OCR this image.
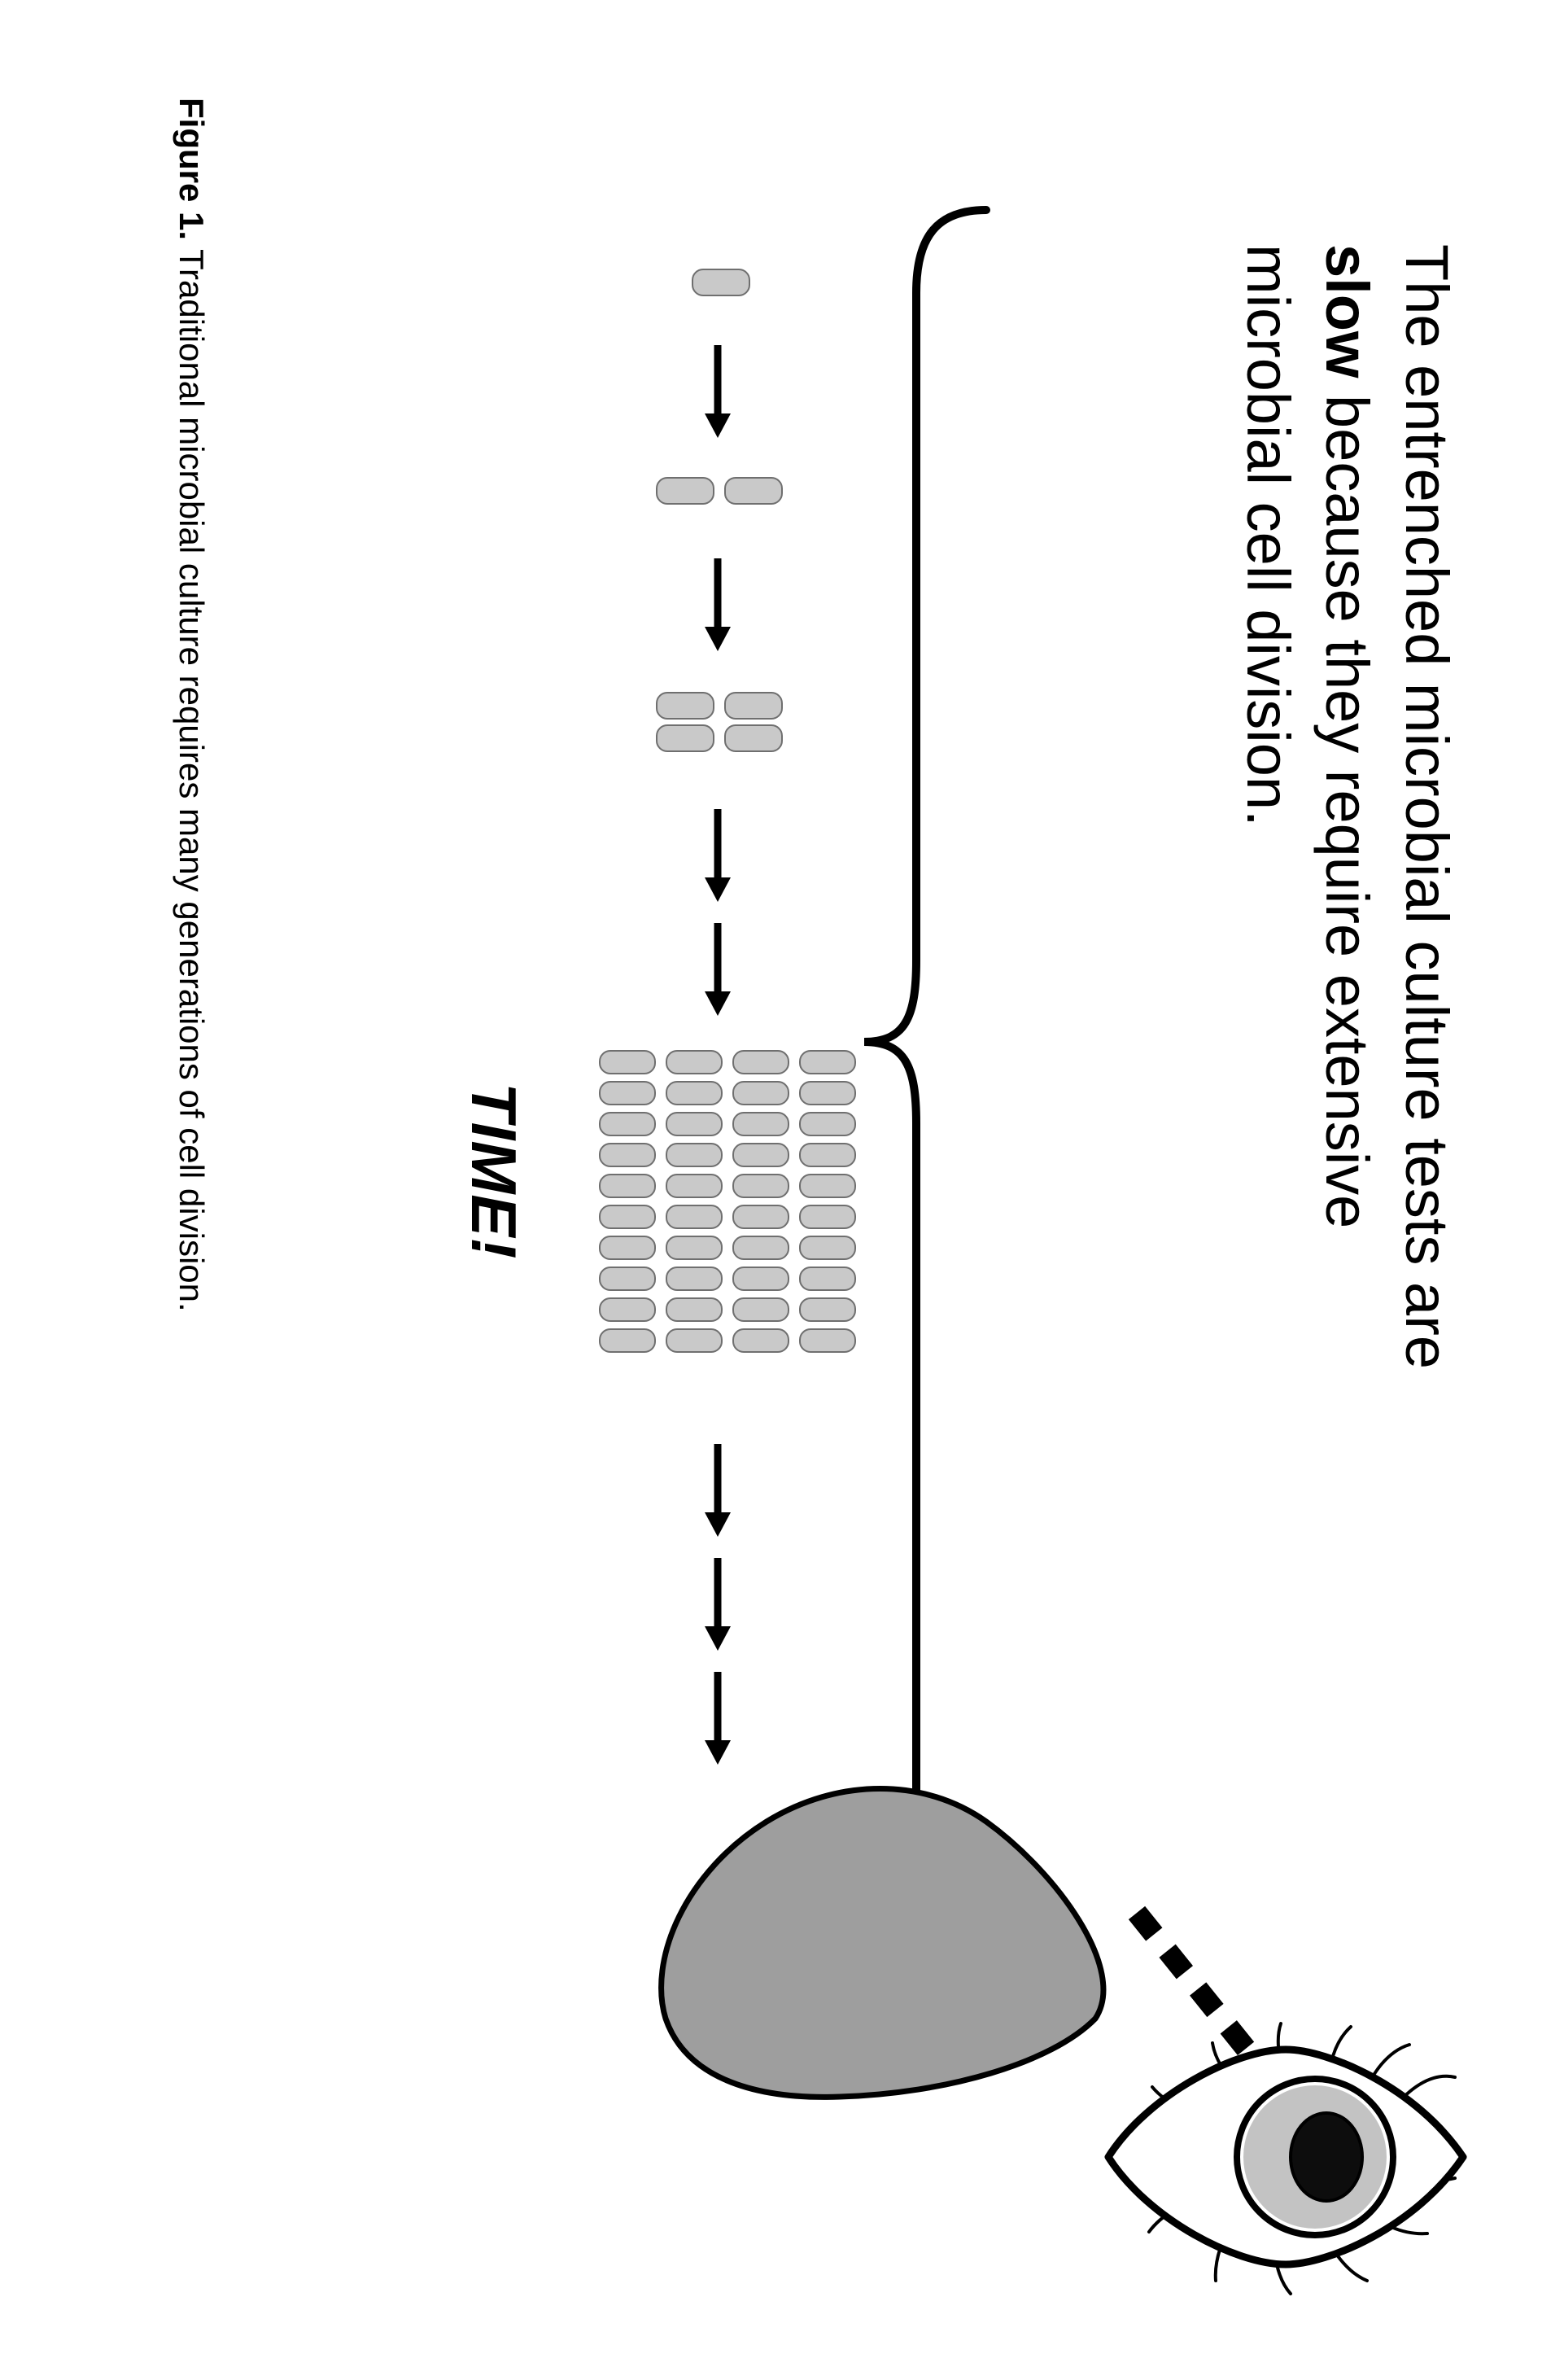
The entrenched microbial culture tests are slow because they require extensive microbial cell division.
TIME!
Figure 1. Traditional microbial culture requires many generations of cell division.
